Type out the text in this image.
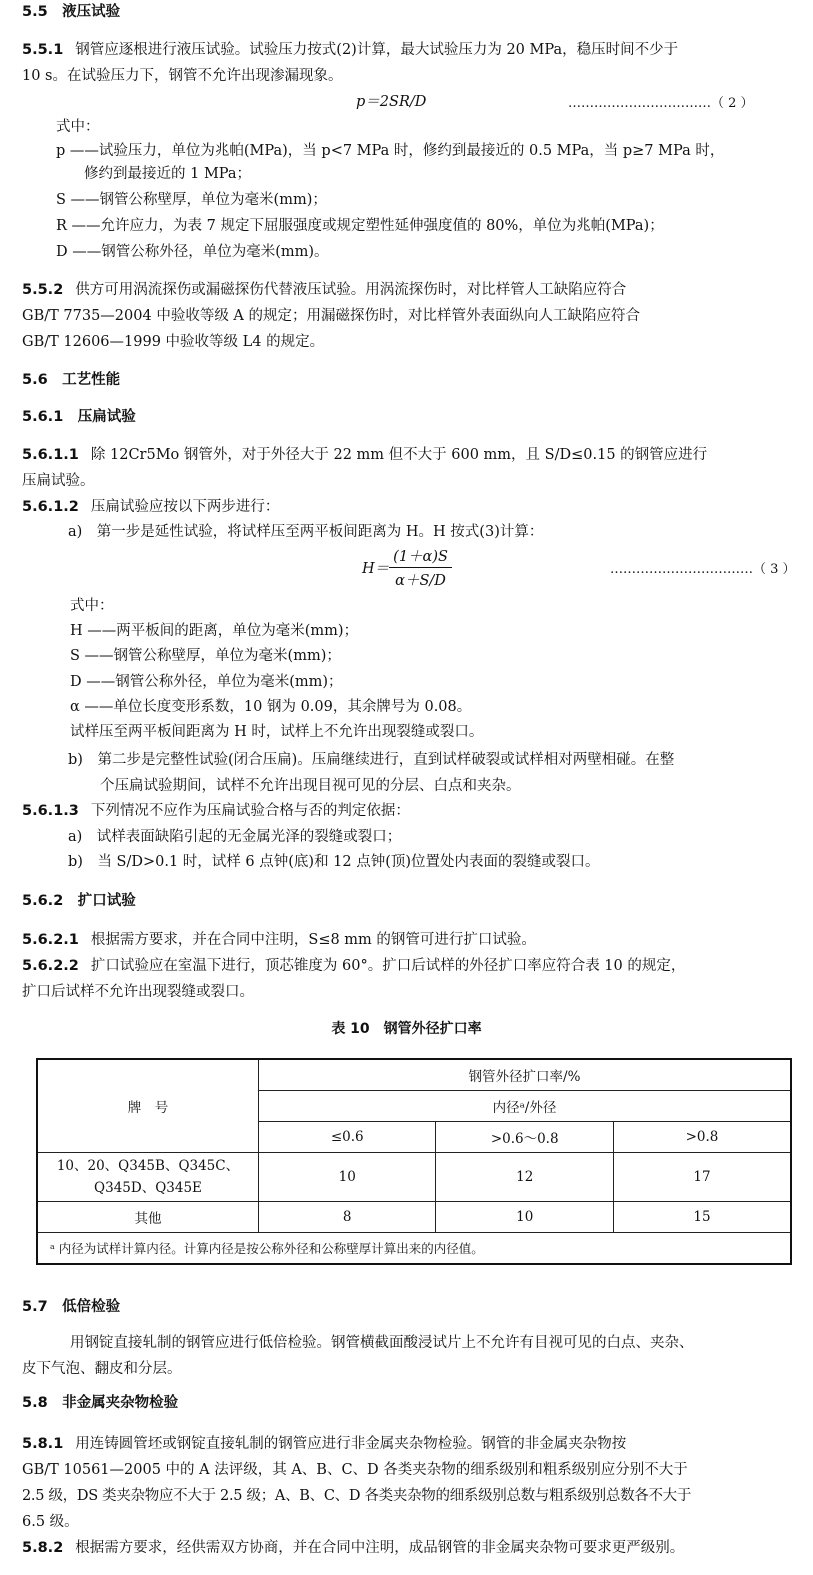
5.5　液压试验
5.5.1 钢管应逐根进行液压试验。试验压力按式(2)计算，最大试验压力为 20 MPa，稳压时间不少于
10 s。在试验压力下，钢管不允许出现渗漏现象。
p＝2SR/D	……………………………（ 2 ）
式中：
p ——试验压力，单位为兆帕(MPa)，当 p<7 MPa 时，修约到最接近的 0.5 MPa，当 p≥7 MPa 时，
修约到最接近的 1 MPa；
S ——钢管公称壁厚，单位为毫米(mm)；
R ——允许应力，为表 7 规定下屈服强度或规定塑性延伸强度值的 80%，单位为兆帕(MPa)；
D ——钢管公称外径，单位为毫米(mm)。
5.5.2 供方可用涡流探伤或漏磁探伤代替液压试验。用涡流探伤时，对比样管人工缺陷应符合
GB/T 7735—2004 中验收等级 A 的规定；用漏磁探伤时，对比样管外表面纵向人工缺陷应符合
GB/T 12606—1999 中验收等级 L4 的规定。
5.6　工艺性能
5.6.1　压扁试验
5.6.1.1 除 12Cr5Mo 钢管外，对于外径大于 22 mm 但不大于 600 mm，且 S/D≤0.15 的钢管应进行
压扁试验。
5.6.1.2 压扁试验应按以下两步进行：
a)　第一步是延性试验，将试样压至两平板间距离为 H。H 按式(3)计算：
$H= \frac{(1+\alpha)S}{\alpha+S/D}$	……………………………（ 3 ）
式中：
H ——两平板间的距离，单位为毫米(mm)；
S ——钢管公称壁厚，单位为毫米(mm)；
D ——钢管公称外径，单位为毫米(mm)；
α ——单位长度变形系数，10 钢为 0.09，其余牌号为 0.08。
试样压至两平板间距离为 H 时，试样上不允许出现裂缝或裂口。
b)　第二步是完整性试验(闭合压扁)。压扁继续进行，直到试样破裂或试样相对两壁相碰。在整
个压扁试验期间，试样不允许出现目视可见的分层、白点和夹杂。
5.6.1.3 下列情况不应作为压扁试验合格与否的判定依据：
a)　试样表面缺陷引起的无金属光泽的裂缝或裂口；
b)　当 S/D>0.1 时，试样 6 点钟(底)和 12 点钟(顶)位置处内表面的裂缝或裂口。
5.6.2　扩口试验
5.6.2.1 根据需方要求，并在合同中注明，S≤8 mm 的钢管可进行扩口试验。
5.6.2.2 扩口试验应在室温下进行，顶芯锥度为 60°。扩口后试样的外径扩口率应符合表 10 的规定，
扩口后试样不允许出现裂缝或裂口。
表 10　钢管外径扩口率
牌　号	钢管外径扩口率/%		
	内径ᵃ/外径		
	≤0.6	>0.6～0.8	>0.8
10、20、Q345B、Q345C、
Q345D、Q345E	10	12	17
其他	8	10	15
ᵃ 内径为试样计算内径。计算内径是按公称外径和公称壁厚计算出来的内径值。			
5.7　低倍检验
用钢锭直接轧制的钢管应进行低倍检验。钢管横截面酸浸试片上不允许有目视可见的白点、夹杂、
皮下气泡、翻皮和分层。
5.8　非金属夹杂物检验
5.8.1 用连铸圆管坯或钢锭直接轧制的钢管应进行非金属夹杂物检验。钢管的非金属夹杂物按
GB/T 10561—2005 中的 A 法评级，其 A、B、C、D 各类夹杂物的细系级别和粗系级别应分别不大于
2.5 级，DS 类夹杂物应不大于 2.5 级；A、B、C、D 各类夹杂物的细系级别总数与粗系级别总数各不大于
6.5 级。
5.8.2 根据需方要求，经供需双方协商，并在合同中注明，成品钢管的非金属夹杂物可要求更严级别。
